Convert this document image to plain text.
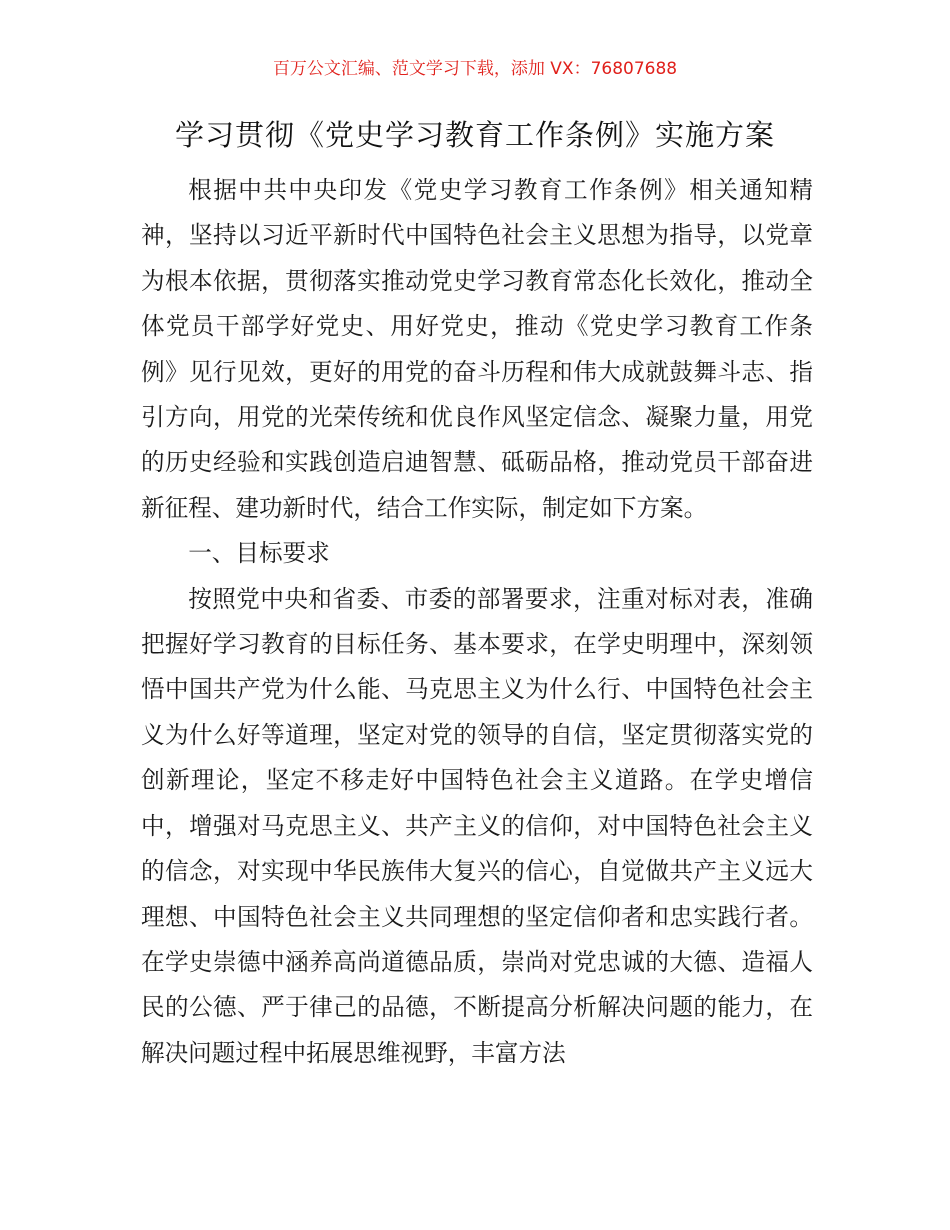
百万公文汇编、范文学习下载，添加 VX：76807688
学习贯彻《党史学习教育工作条例》实施方案

根据中共中央印发《党史学习教育工作条例》相关通知精神，坚持以习近平新时代中国特色社会主义思想为指导，以党章为根本依据，贯彻落实推动党史学习教育常态化长效化，推动全体党员干部学好党史、用好党史，推动《党史学习教育工作条例》见行见效，更好的用党的奋斗历程和伟大成就鼓舞斗志、指引方向，用党的光荣传统和优良作风坚定信念、凝聚力量，用党的历史经验和实践创造启迪智慧、砥砺品格，推动党员干部奋进新征程、建功新时代，结合工作实际，制定如下方案。

一、目标要求

按照党中央和省委、市委的部署要求，注重对标对表，准确把握好学习教育的目标任务、基本要求，在学史明理中，深刻领悟中国共产党为什么能、马克思主义为什么行、中国特色社会主义为什么好等道理，坚定对党的领导的自信，坚定贯彻落实党的创新理论，坚定不移走好中国特色社会主义道路。在学史增信中，增强对马克思主义、共产主义的信仰，对中国特色社会主义的信念，对实现中华民族伟大复兴的信心，自觉做共产主义远大理想、中国特色社会主义共同理想的坚定信仰者和忠实践行者。在学史崇德中涵养高尚道德品质，崇尚对党忠诚的大德、造福人民的公德、严于律己的品德，不断提高分析解决问题的能力，在解决问题过程中拓展思维视野，丰富方法
